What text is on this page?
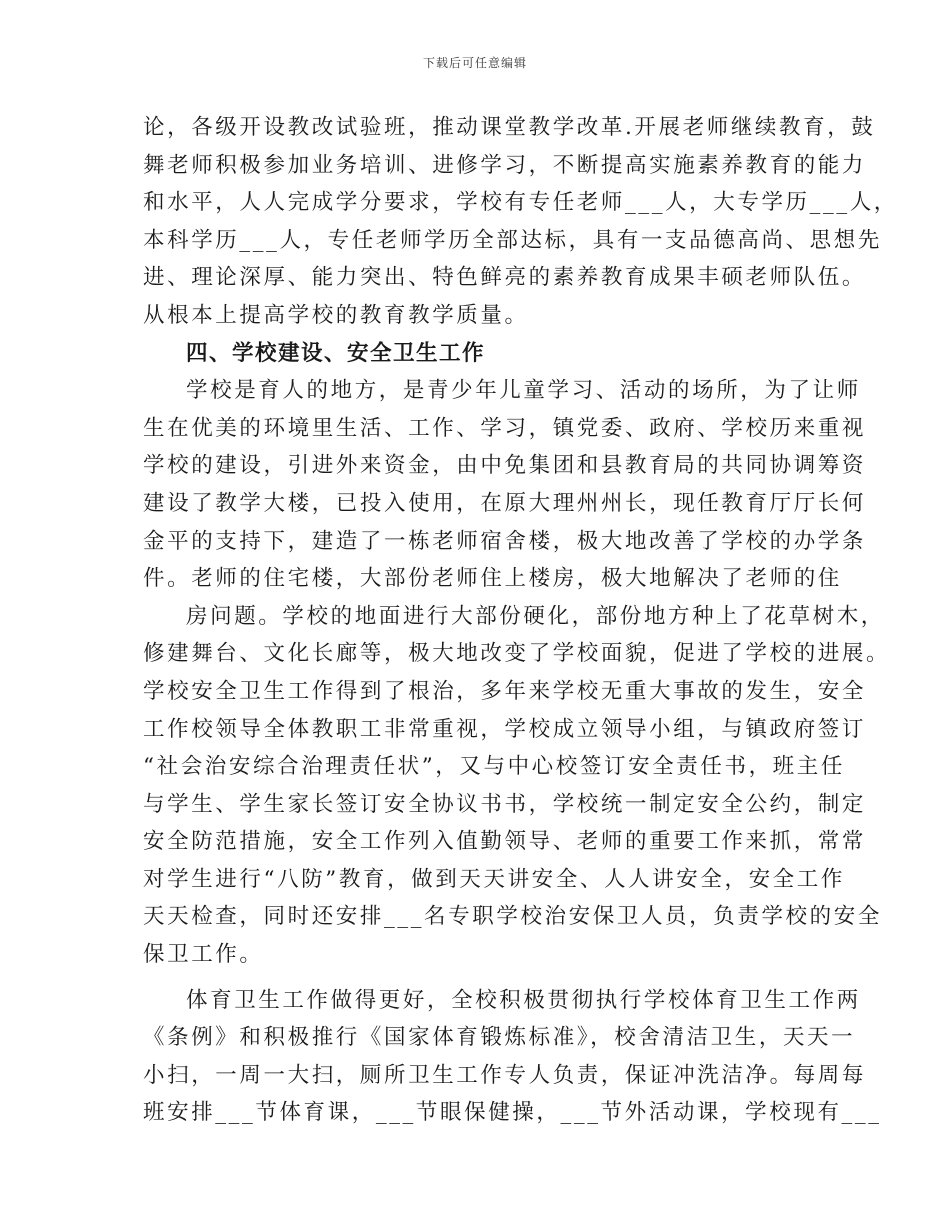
下载后可任意编辑
论，各级开设教改试验班，推动课堂教学改革.开展老师继续教育，鼓
舞老师积极参加业务培训、进修学习，不断提高实施素养教育的能力
和水平，人人完成学分要求，学校有专任老师___人，大专学历___人，
本科学历___人，专任老师学历全部达标，具有一支品德高尚、思想先
进、理论深厚、能力突出、特色鲜亮的素养教育成果丰硕老师队伍。
从根本上提高学校的教育教学质量。
四、学校建设、安全卫生工作
学校是育人的地方，是青少年儿童学习、活动的场所，为了让师
生在优美的环境里生活、工作、学习，镇党委、政府、学校历来重视
学校的建设，引进外来资金，由中免集团和县教育局的共同协调筹资
建设了教学大楼，已投入使用，在原大理州州长，现任教育厅厅长何
金平的支持下，建造了一栋老师宿舍楼，极大地改善了学校的办学条
件。老师的住宅楼，大部份老师住上楼房，极大地解决了老师的住
房问题。学校的地面进行大部份硬化，部份地方种上了花草树木，
修建舞台、文化长廊等，极大地改变了学校面貌，促进了学校的进展。
学校安全卫生工作得到了根治，多年来学校无重大事故的发生，安全
工作校领导全体教职工非常重视，学校成立领导小组，与镇政府签订
“社会治安综合治理责任状”，又与中心校签订安全责任书，班主任
与学生、学生家长签订安全协议书书，学校统一制定安全公约，制定
安全防范措施，安全工作列入值勤领导、老师的重要工作来抓，常常
对学生进行“八防”教育，做到天天讲安全、人人讲安全，安全工作
天天检查，同时还安排___名专职学校治安保卫人员，负责学校的安全
保卫工作。
体育卫生工作做得更好，全校积极贯彻执行学校体育卫生工作两
《条例》和积极推行《国家体育锻炼标准》，校舍清洁卫生，天天一
小扫，一周一大扫，厕所卫生工作专人负责，保证冲洗洁净。每周每
班安排___节体育课，___节眼保健操，___节外活动课，学校现有___
